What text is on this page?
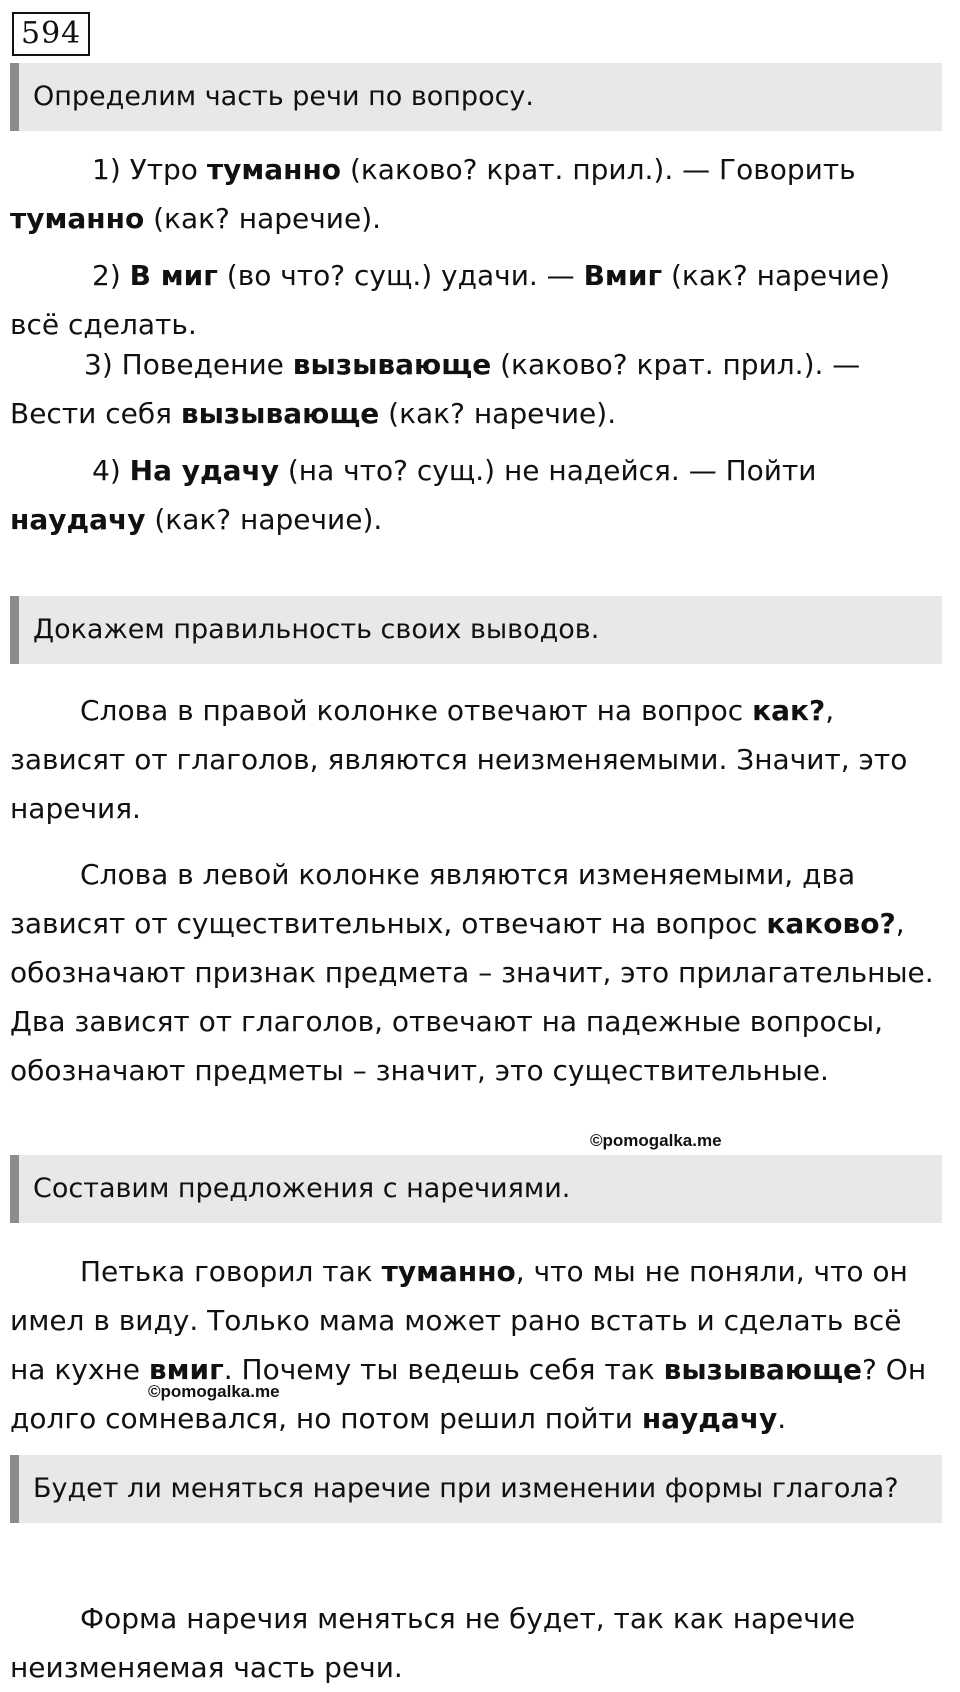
594
Определим часть речи по вопросу.

1) Утро туманно (каково? крат. прил.). — Говорить туманно (как? наречие).

2) В миг (во что? сущ.) удачи. — Вмиг (как? наречие) всё сделать.

3) Поведение вызывающе (каково? крат. прил.). — Вести себя вызывающе (как? наречие).

4) На удачу (на что? сущ.) не надейся. — Пойти наудачу (как? наречие).

Докажем правильность своих выводов.

Слова в правой колонке отвечают на вопрос как?, зависят от глаголов, являются неизменяемыми. Значит, это наречия.

Слова в левой колонке являются изменяемыми, два зависят от существительных, отвечают на вопрос каково?, обозначают признак предмета – значит, это прилагательные. Два зависят от глаголов, отвечают на падежные вопросы, обозначают предметы – значит, это существительные.

©pomogalka.me
Составим предложения с наречиями.

Петька говорил так туманно, что мы не поняли, что он имел в виду. Только мама может рано встать и сделать всё на кухне вмиг. Почему ты ведешь себя так вызывающе? Он долго сомневался, но потом решил пойти наудачу.

©pomogalka.me
Будет ли меняться наречие при изменении формы глагола?

Форма наречия меняться не будет, так как наречие неизменяемая часть речи.
